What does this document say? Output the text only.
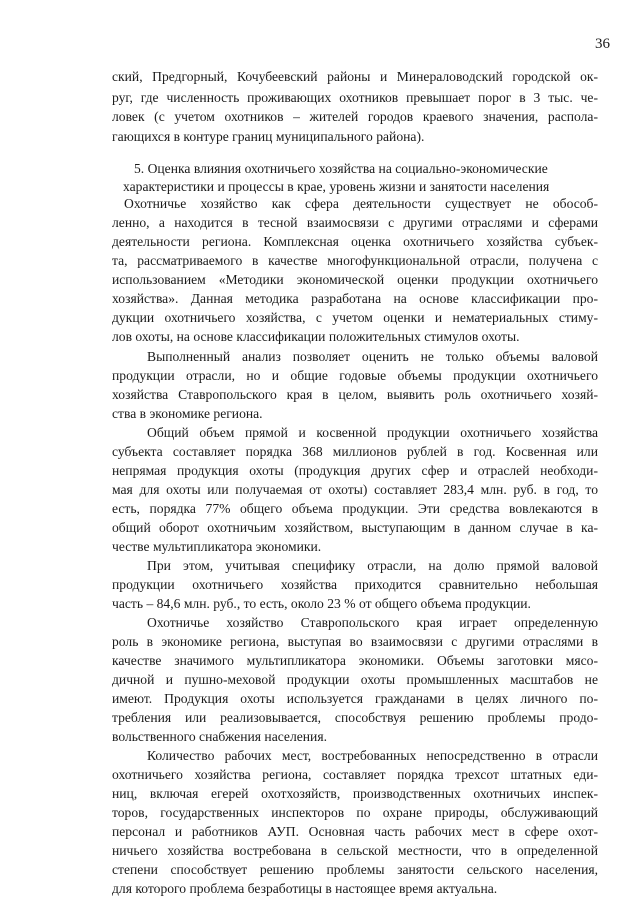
36
ский, Предгорный, Кочубеевский районы и Минераловодский городской ок-
руг, где численность проживающих охотников превышает порог в 3 тыс. че-
ловек (с учетом охотников – жителей городов краевого значения, распола-
гающихся в контуре границ муниципального района).
5. Оценка влияния охотничьего хозяйства на социально-экономические
характеристики и процессы в крае, уровень жизни и занятости населения
Охотничье хозяйство как сфера деятельности существует не обособ-
ленно, а находится в тесной взаимосвязи с другими отраслями и сферами
деятельности региона. Комплексная оценка охотничьего хозяйства субъек-
та, рассматриваемого в качестве многофункциональной отрасли, получена с
использованием «Методики экономической оценки продукции охотничьего
хозяйства». Данная методика разработана на основе классификации про-
дукции охотничьего хозяйства, с учетом оценки и нематериальных стиму-
лов охоты, на основе классификации положительных стимулов охоты.
Выполненный анализ позволяет оценить не только объемы валовой
продукции отрасли, но и общие годовые объемы продукции охотничьего
хозяйства Ставропольского края в целом, выявить роль охотничьего хозяй-
ства в экономике региона.
Общий объем прямой и косвенной продукции охотничьего хозяйства
субъекта составляет порядка 368 миллионов рублей в год. Косвенная или
непрямая продукция охоты (продукция других сфер и отраслей необходи-
мая для охоты или получаемая от охоты) составляет 283,4 млн. руб. в год, то
есть, порядка 77% общего объема продукции. Эти средства вовлекаются в
общий оборот охотничьим хозяйством, выступающим в данном случае в ка-
честве мультипликатора экономики.
При этом, учитывая специфику отрасли, на долю прямой валовой
продукции охотничьего хозяйства приходится сравнительно небольшая
часть – 84,6 млн. руб., то есть, около 23 % от общего объема продукции.
Охотничье хозяйство Ставропольского края играет определенную
роль в экономике региона, выступая во взаимосвязи с другими отраслями в
качестве значимого мультипликатора экономики. Объемы заготовки мясо-
дичной и пушно-меховой продукции охоты промышленных масштабов не
имеют. Продукция охоты используется гражданами в целях личного по-
требления или реализовывается, способствуя решению проблемы продо-
вольственного снабжения населения.
Количество рабочих мест, востребованных непосредственно в отрасли
охотничьего хозяйства региона, составляет порядка трехсот штатных еди-
ниц, включая егерей охотхозяйств, производственных охотничьих инспек-
торов, государственных инспекторов по охране природы, обслуживающий
персонал и работников АУП. Основная часть рабочих мест в сфере охот-
ничьего хозяйства востребована в сельской местности, что в определенной
степени способствует решению проблемы занятости сельского населения,
для которого проблема безработицы в настоящее время актуальна.
